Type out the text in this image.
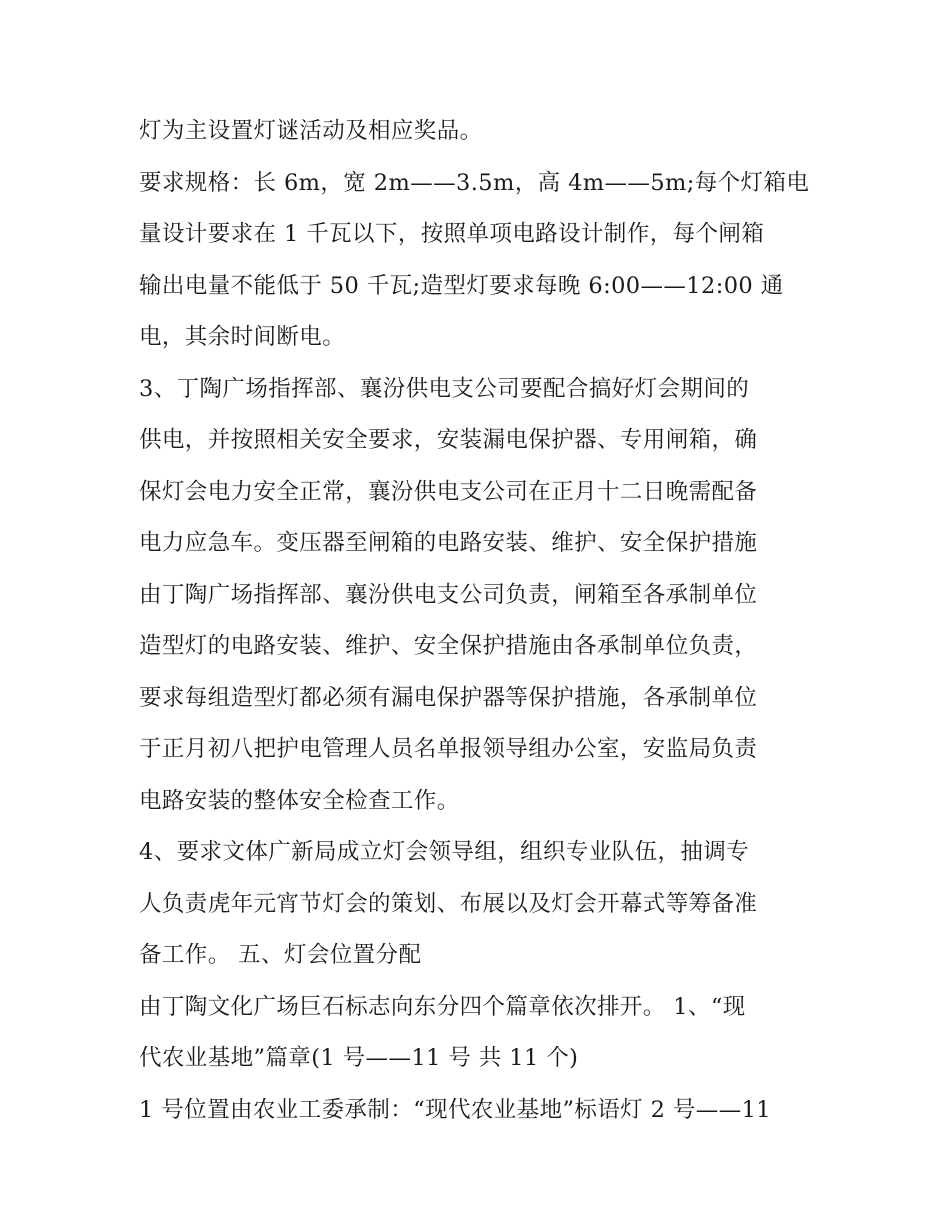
灯为主设置灯谜活动及相应奖品。
要求规格：长 6m，宽 2m——3.5m，高 4m——5m;每个灯箱电
量设计要求在 1 千瓦以下，按照单项电路设计制作，每个闸箱
输出电量不能低于 50 千瓦;造型灯要求每晚 6:00——12:00 通
电，其余时间断电。
3、丁陶广场指挥部、襄汾供电支公司要配合搞好灯会期间的
供电，并按照相关安全要求，安装漏电保护器、专用闸箱，确
保灯会电力安全正常，襄汾供电支公司在正月十二日晚需配备
电力应急车。变压器至闸箱的电路安装、维护、安全保护措施
由丁陶广场指挥部、襄汾供电支公司负责，闸箱至各承制单位
造型灯的电路安装、维护、安全保护措施由各承制单位负责，
要求每组造型灯都必须有漏电保护器等保护措施，各承制单位
于正月初八把护电管理人员名单报领导组办公室，安监局负责
电路安装的整体安全检查工作。
4、要求文体广新局成立灯会领导组，组织专业队伍，抽调专
人负责虎年元宵节灯会的策划、布展以及灯会开幕式等筹备准
备工作。 五、灯会位置分配
由丁陶文化广场巨石标志向东分四个篇章依次排开。 1、“现
代农业基地”篇章(1 号——11 号 共 11 个)
1 号位置由农业工委承制：“现代农业基地”标语灯 2 号——11
